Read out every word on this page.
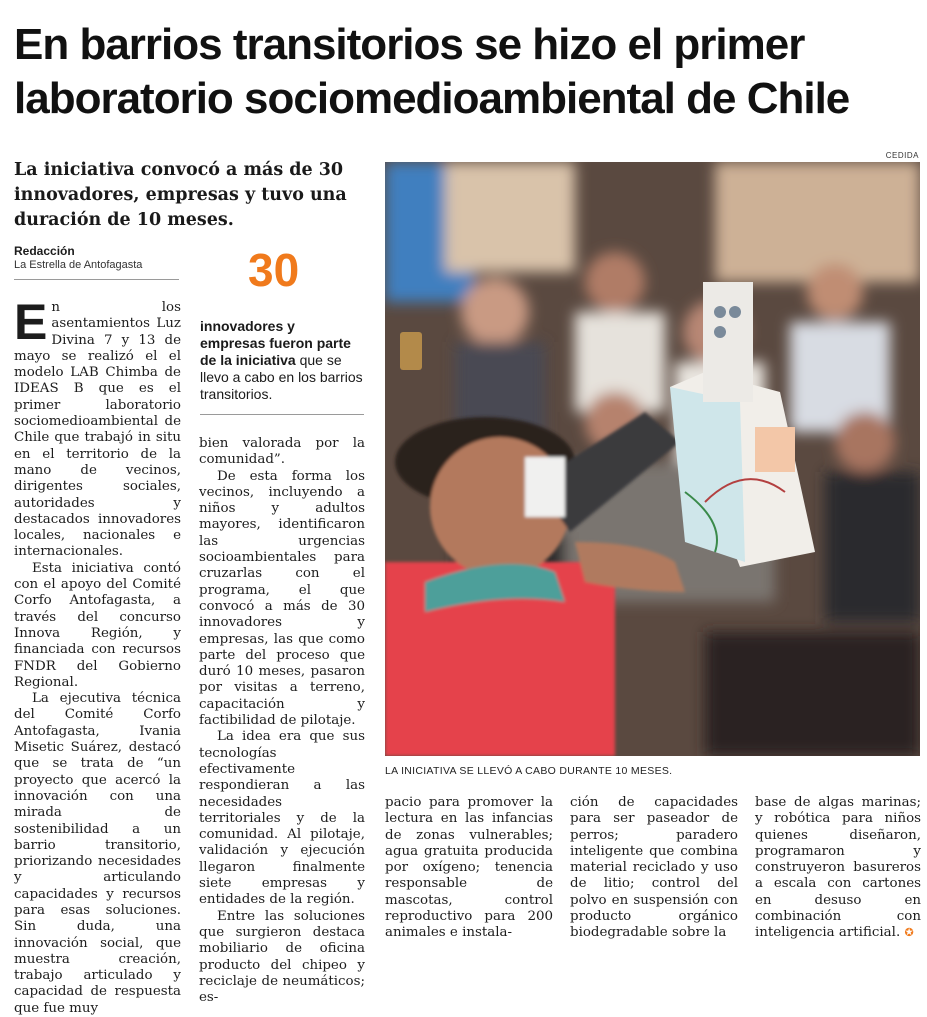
En barrios transitorios se hizo el primer
laboratorio sociomedioambiental de Chile
La iniciativa convocó a más de 30 innovadores, empresas y tuvo una duración de 10 meses.
Redacción
La Estrella de Antofagasta

En los asentamientos Luz Divina 7 y 13 de mayo se realizó el el modelo LAB Chimba de IDEAS B que es el primer laboratorio sociomedioambiental de Chile que trabajó in situ en el territorio de la mano de vecinos, dirigentes sociales, autoridades y destacados innovadores locales, nacionales e internacionales.

Esta iniciativa contó con el apoyo del Comité Corfo Antofagasta, a través del concurso Innova Región, y financiada con recursos FNDR del Gobierno Regional.

La ejecutiva técnica del Comité Corfo Antofagasta, Ivania Misetic Suárez, destacó que se trata de “un proyecto que acercó la innovación con una mirada de sostenibilidad a un barrio transitorio, priorizando necesidades y articulando capacidades y recursos para esas soluciones. Sin duda, una innovación social, que muestra creación, trabajo articulado y capacidad de respuesta que fue muy

30
innovadores y empresas fueron parte de la iniciativa que se llevo a cabo en los barrios transitorios.

bien valorada por la comunidad”.

De esta forma los vecinos, incluyendo a niños y adultos mayores, identificaron las urgencias socioambientales para cruzarlas con el programa, el que convocó a más de 30 innovadores y empresas, las que como parte del proceso que duró 10 meses, pasaron por visitas a terreno, capacitación y factibilidad de pilotaje.

La idea era que sus tecnologías efectivamente respondieran a las necesidades territoriales y de la comunidad. Al pilotaje, validación y ejecución llegaron finalmente siete empresas y entidades de la región.

Entre las soluciones que surgieron destaca mobiliario de oficina producto del chipeo y reciclaje de neumáticos; es-

CEDIDA
LA INICIATIVA SE LLEVÓ A CABO DURANTE 10 MESES.

pacio para promover la lectura en las infancias de zonas vulnerables; agua gratuita producida por oxígeno; tenencia responsable de mascotas, control reproductivo para 200 animales e instala-

ción de capacidades para ser paseador de perros; paradero inteligente que combina material reciclado y uso de litio; control del polvo en suspensión con producto orgánico biodegradable sobre la

base de algas marinas; y robótica para niños quienes diseñaron, programaron y construyeron basureros a escala con cartones en desuso en combinación con inteligencia artificial. ✪
